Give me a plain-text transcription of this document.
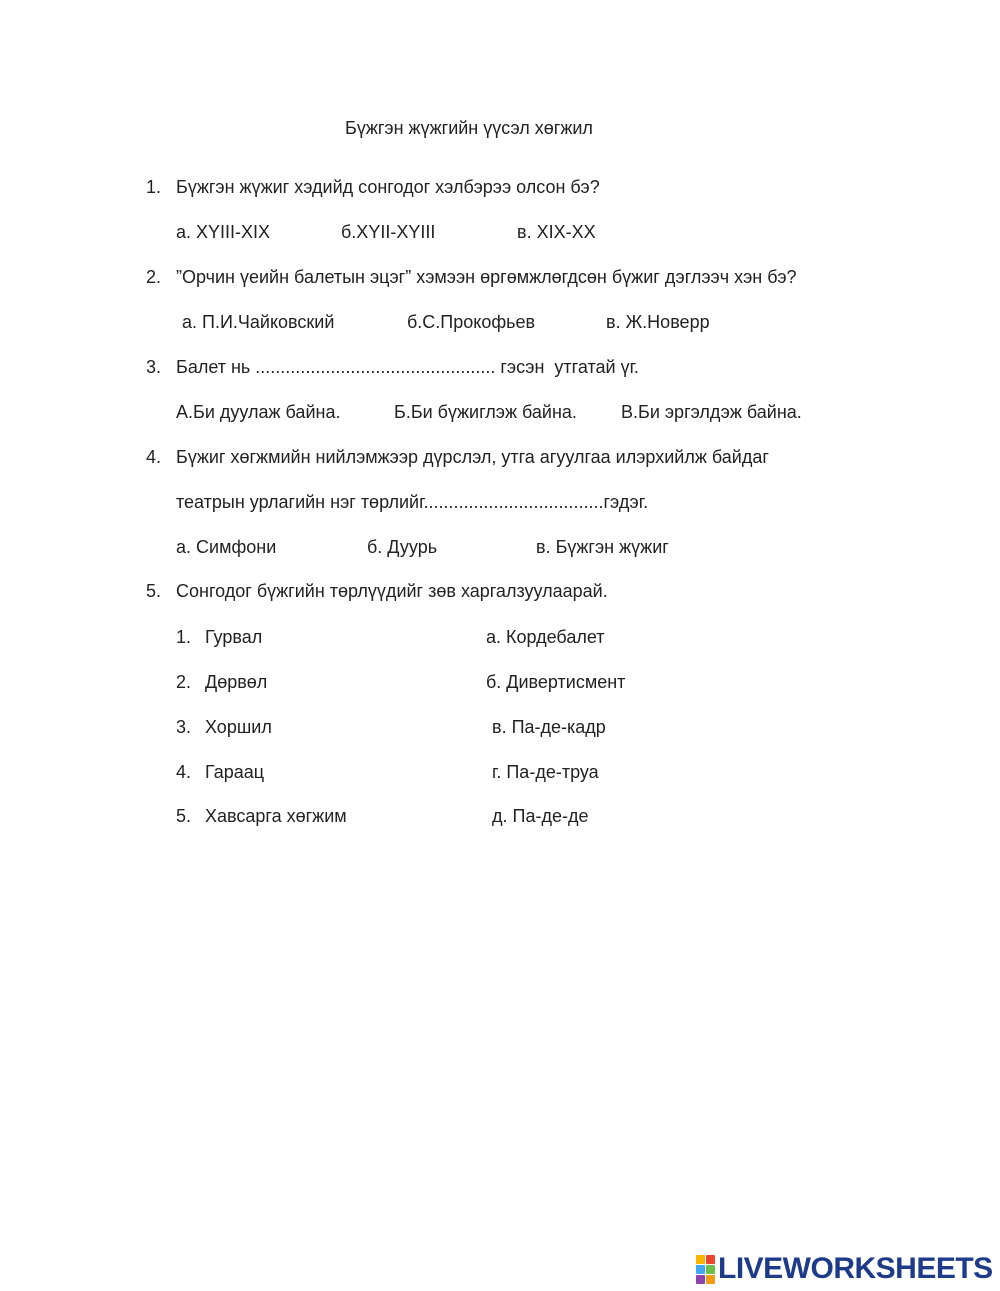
Бүжгэн жүжгийн үүсэл хөгжил
1. Бүжгэн жүжиг хэдийд сонгодог хэлбэрээ олсон бэ?
а. XYIII-XIX	б.XYII-XYIII	в. XIX-XX
2. ”Орчин үеийн балетын эцэг” хэмээн өргөмжлөгдсөн бүжиг дэглээч хэн бэ?
а. П.И.Чайковский	б.С.Прокофьев	в. Ж.Новерр
3. Балет нь ................................................ гэсэн  утгатай үг.
А.Би дуулаж байна.	Б.Би бүжиглэж байна. В.Би эргэлдэж байна.
4. Бүжиг хөгжмийн нийлэмжээр дүрслэл, утга агуулгаа илэрхийлж байдаг
театрын урлагийн нэг төрлийг....................................гэдэг.
а. Симфони	б. Дуурь	в. Бүжгэн жүжиг
5. Сонгодог бүжгийн төрлүүдийг зөв харгалзуулаарай.
1. Гурвал	а. Кордебалет
2. Дөрвөл	б. Дивертисмент
3. Хоршил	в. Па-де-кадр
4. Гараац	г. Па-де-труа
5. Хавсарга хөгжим	д. Па-де-де
LIVEWORKSHEETS
